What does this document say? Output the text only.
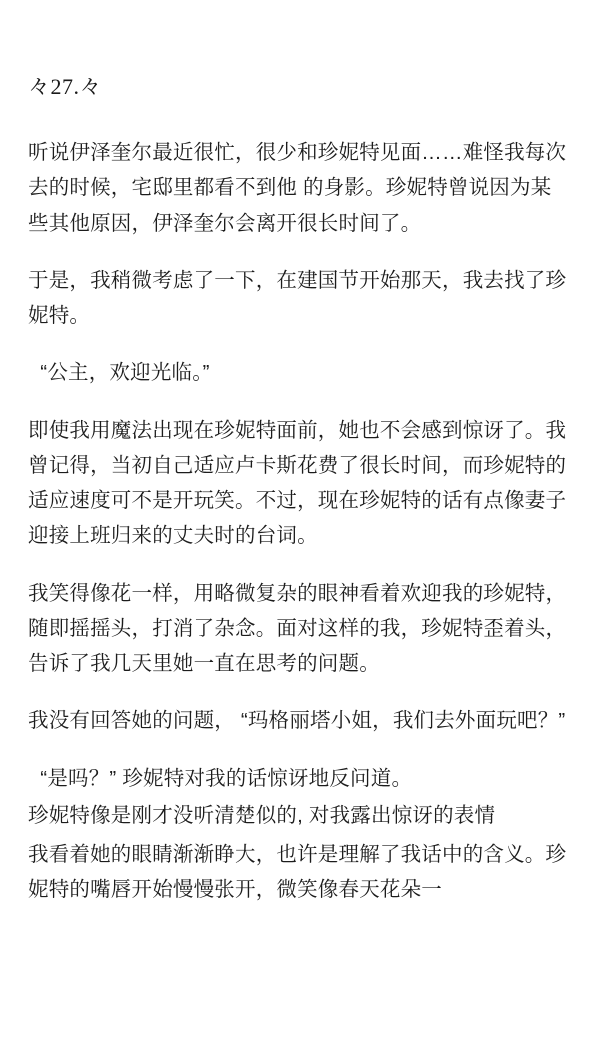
々27.々

听说伊泽奎尔最近很忙，很少和珍妮特见面……难怪我每次去的时候，宅邸里都看不到他 的身影。珍妮特曾说因为某些其他原因，伊泽奎尔会离开很长时间了。

于是，我稍微考虑了一下，在建国节开始那天，我去找了珍妮特。

“公主，欢迎光临。”

即使我用魔法出现在珍妮特面前，她也不会感到惊讶了。我曾记得，当初自己适应卢卡斯花费了很长时间，而珍妮特的适应速度可不是开玩笑。不过，现在珍妮特的话有点像妻子迎接上班归来的丈夫时的台词。

我笑得像花一样，用略微复杂的眼神看着欢迎我的珍妮特，随即摇摇头，打消了杂念。面对这样的我，珍妮特歪着头，告诉了我几天里她一直在思考的问题。

我没有回答她的问题， “玛格丽塔小姐，我们去外面玩吧？”

“是吗？” 珍妮特对我的话惊讶地反问道。

珍妮特像是刚才没听清楚似的, 对我露出惊讶的表情

我看着她的眼睛渐渐睁大，也许是理解了我话中的含义。珍妮特的嘴唇开始慢慢张开，微笑像春天花朵一
